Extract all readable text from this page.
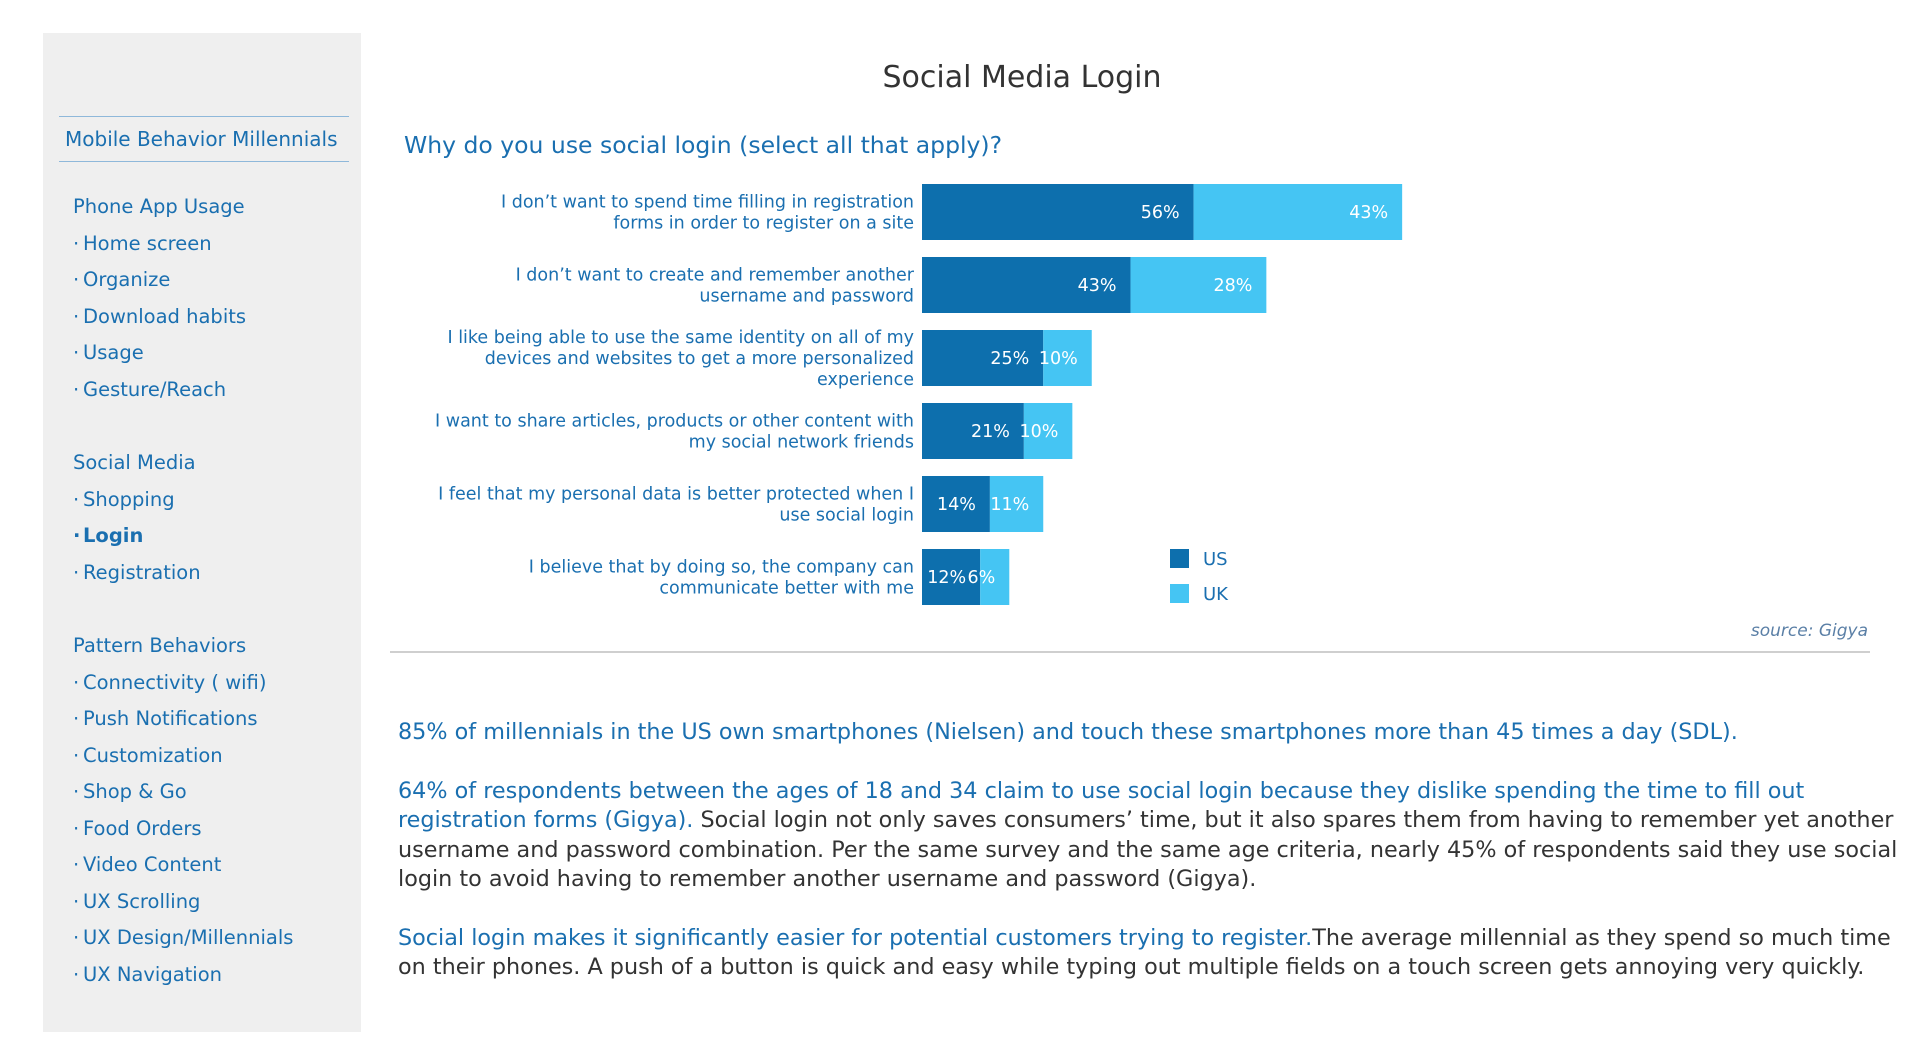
Mobile Behavior Millennials
Phone App Usage
· Home screen
· Organize
· Download habits
· Usage
· Gesture/Reach
Social Media
· Shopping
· Login
· Registration
Pattern Behaviors
· Connectivity ( wifi)
· Push Notifications
· Customization
· Shop & Go
· Food Orders
· Video Content
· UX Scrolling
· UX Design/Millennials
· UX Navigation
Social Media Login
Why do you use social login (select all that apply)?
I don’t want to spend time filling in registration
forms in order to register on a site
56%	43%
I don’t want to create and remember another
username and password
43%	28%
I like being able to use the same identity on all of my
devices and websites to get a more personalized
experience
25% 10%
I want to share articles, products or other content with
my social network friends
21% 10%
I feel that my personal data is better protected when I
use social login
14% 11%
I believe that by doing so, the company can
communicate better with me
12% 6%
US
UK
source: Gigya

85% of millennials in the US own smartphones (Nielsen) and touch these smartphones more than 45 times a day (SDL).

64% of respondents between the ages of 18 and 34 claim to use social login because they dislike spending the time to fill out registration forms (Gigya). Social login not only saves consumers’ time, but it also spares them from having to remember yet another username and password combination. Per the same survey and the same age criteria, nearly 45% of respondents said they use social login to avoid having to remember another username and password (Gigya).

Social login makes it significantly easier for potential customers trying to register.The average millennial as they spend so much time on their phones. A push of a button is quick and easy while typing out multiple fields on a touch screen gets annoying very quickly.
